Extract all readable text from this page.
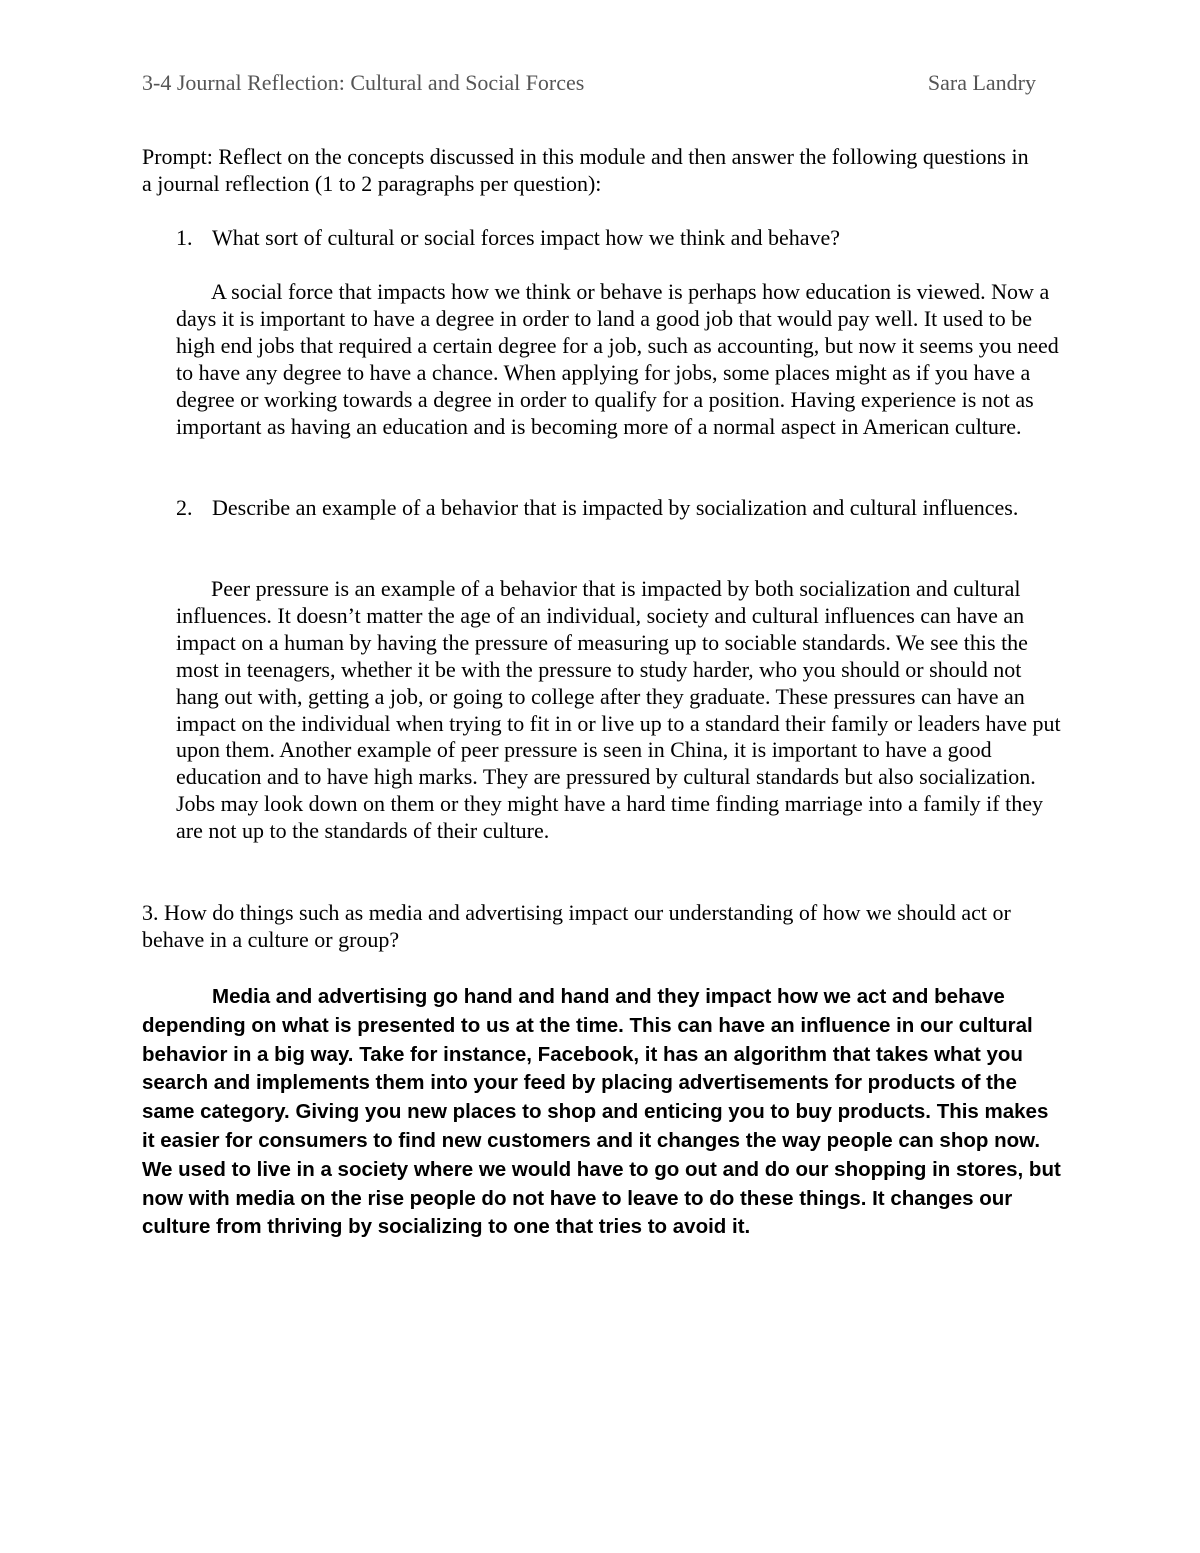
3-4 Journal Reflection: Cultural and Social Forces	Sara Landry

Prompt: Reflect on the concepts discussed in this module and then answer the following questions in a journal reflection (1 to 2 paragraphs per question):

1. What sort of cultural or social forces impact how we think and behave?
A social force that impacts how we think or behave is perhaps how education is viewed. Now a days it is important to have a degree in order to land a good job that would pay well. It used to be high end jobs that required a certain degree for a job, such as accounting, but now it seems you need to have any degree to have a chance. When applying for jobs, some places might as if you have a degree or working towards a degree in order to qualify for a position. Having experience is not as important as having an education and is becoming more of a normal aspect in American culture.
2. Describe an example of a behavior that is impacted by socialization and cultural influences.
Peer pressure is an example of a behavior that is impacted by both socialization and cultural influences. It doesn’t matter the age of an individual, society and cultural influences can have an impact on a human by having the pressure of measuring up to sociable standards. We see this the most in teenagers, whether it be with the pressure to study harder, who you should or should not hang out with, getting a job, or going to college after they graduate. These pressures can have an impact on the individual when trying to fit in or live up to a standard their family or leaders have put upon them. Another example of peer pressure is seen in China, it is important to have a good education and to have high marks. They are pressured by cultural standards but also socialization. Jobs may look down on them or they might have a hard time finding marriage into a family if they are not up to the standards of their culture.
3. How do things such as media and advertising impact our understanding of how we should act or behave in a culture or group?
Media and advertising go hand and hand and they impact how we act and behave depending on what is presented to us at the time. This can have an influence in our cultural behavior in a big way. Take for instance, Facebook, it has an algorithm that takes what you search and implements them into your feed by placing advertisements for products of the same category. Giving you new places to shop and enticing you to buy products. This makes it easier for consumers to find new customers and it changes the way people can shop now. We used to live in a society where we would have to go out and do our shopping in stores, but now with media on the rise people do not have to leave to do these things. It changes our culture from thriving by socializing to one that tries to avoid it.
